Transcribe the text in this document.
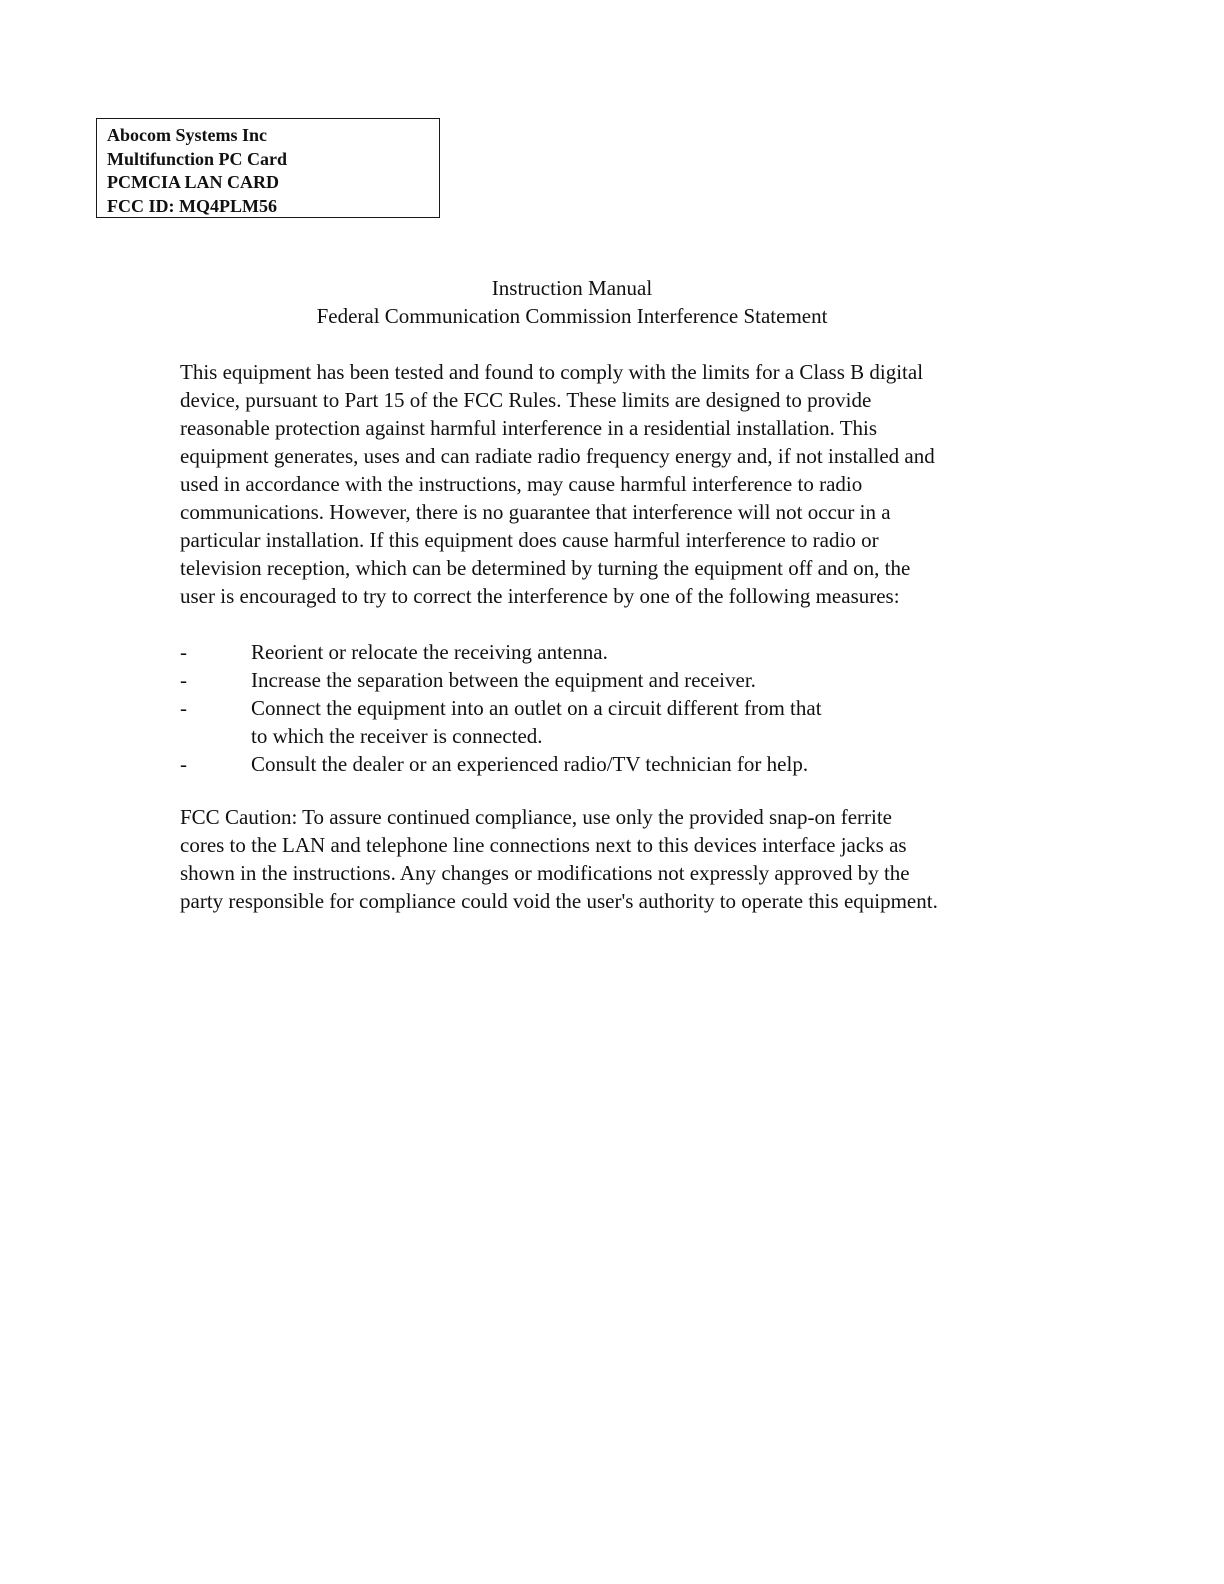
Abocom Systems Inc
Multifunction PC Card
PCMCIA LAN CARD
FCC ID: MQ4PLM56
Instruction Manual
Federal Communication Commission Interference Statement
This equipment has been tested and found to comply with the limits for a Class B digital
device, pursuant to Part 15 of the FCC Rules. These limits are designed to provide
reasonable protection against harmful interference in a residential installation. This
equipment generates, uses and can radiate radio frequency energy and, if not installed and
used in accordance with the instructions, may cause harmful interference to radio
communications. However, there is no guarantee that interference will not occur in a
particular installation. If this equipment does cause harmful interference to radio or
television reception, which can be determined by turning the equipment off and on, the
user is encouraged to try to correct the interference by one of the following measures:
-	Reorient or relocate the receiving antenna.
-	Increase the separation between the equipment and receiver.
-	Connect the equipment into an outlet on a circuit different from that
to which the receiver is connected.
-	Consult the dealer or an experienced radio/TV technician for help.
FCC Caution: To assure continued compliance, use only the provided snap-on ferrite
cores to the LAN and telephone line connections next to this devices interface jacks as
shown in the instructions. Any changes or modifications not expressly approved by the
party responsible for compliance could void the user's authority to operate this equipment.
